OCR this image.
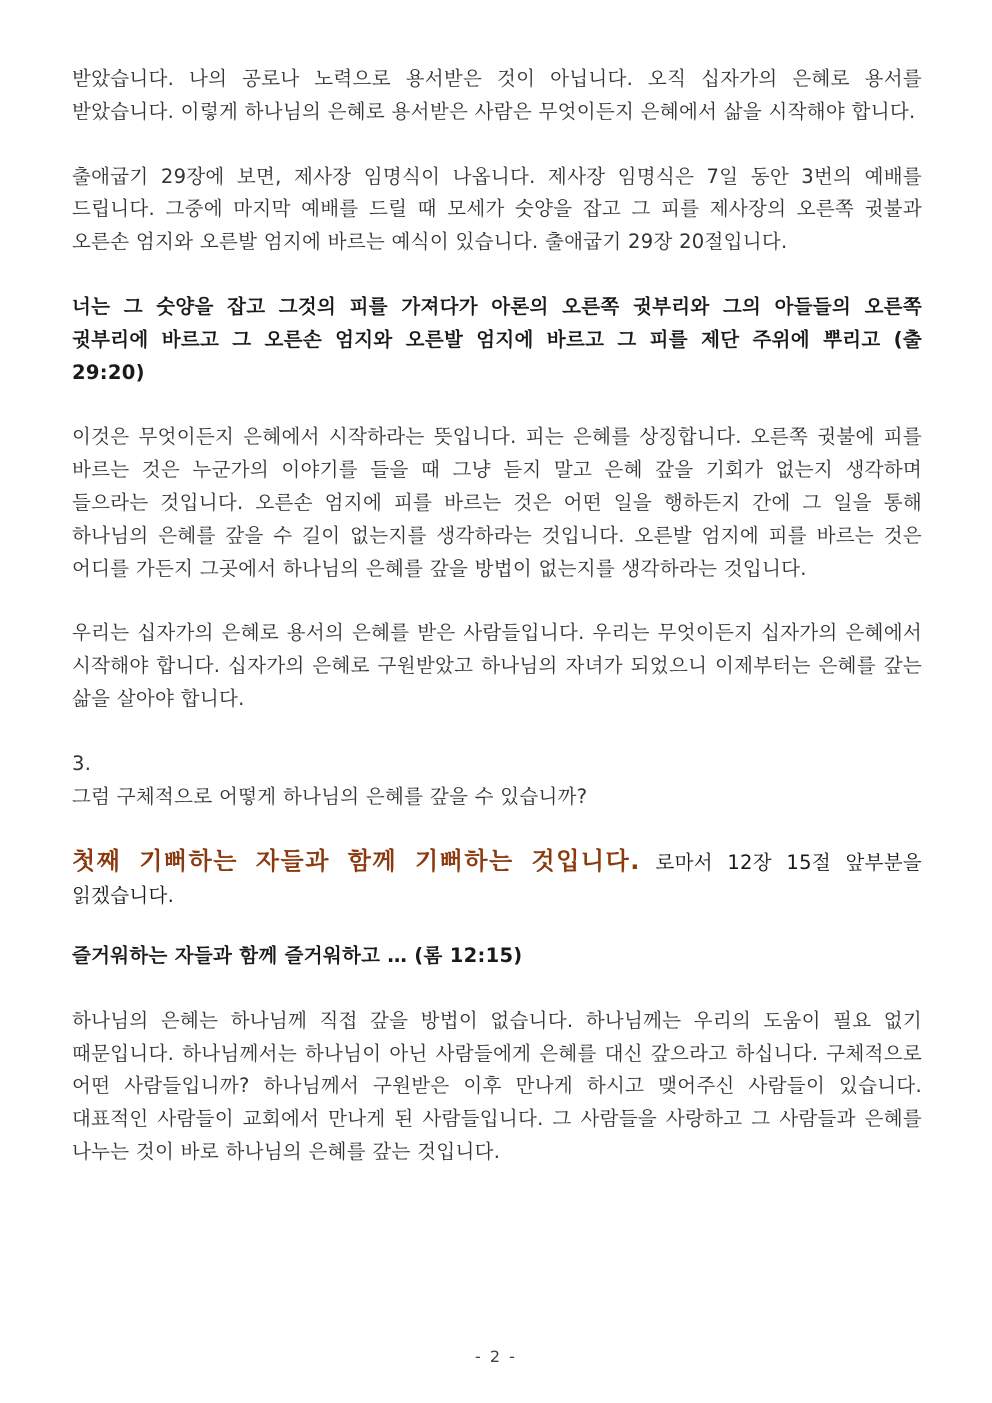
받았습니다. 나의 공로나 노력으로 용서받은 것이 아닙니다. 오직 십자가의 은혜로 용서를 받았습니다. 이렇게 하나님의 은혜로 용서받은 사람은 무엇이든지 은혜에서 삶을 시작해야 합니다.

출애굽기 29장에 보면, 제사장 임명식이 나옵니다. 제사장 임명식은 7일 동안 3번의 예배를 드립니다. 그중에 마지막 예배를 드릴 때 모세가 숫양을 잡고 그 피를 제사장의 오른쪽 귓불과 오른손 엄지와 오른발 엄지에 바르는 예식이 있습니다. 출애굽기 29장 20절입니다.

너는 그 숫양을 잡고 그것의 피를 가져다가 아론의 오른쪽 귓부리와 그의 아들들의 오른쪽 귓부리에 바르고 그 오른손 엄지와 오른발 엄지에 바르고 그 피를 제단 주위에 뿌리고 (출 29:20)

이것은 무엇이든지 은혜에서 시작하라는 뜻입니다. 피는 은혜를 상징합니다. 오른쪽 귓불에 피를 바르는 것은 누군가의 이야기를 들을 때 그냥 듣지 말고 은혜 갚을 기회가 없는지 생각하며 들으라는 것입니다. 오른손 엄지에 피를 바르는 것은 어떤 일을 행하든지 간에 그 일을 통해 하나님의 은혜를 갚을 수 길이 없는지를 생각하라는 것입니다. 오른발 엄지에 피를 바르는 것은 어디를 가든지 그곳에서 하나님의 은혜를 갚을 방법이 없는지를 생각하라는 것입니다.

우리는 십자가의 은혜로 용서의 은혜를 받은 사람들입니다. 우리는 무엇이든지 십자가의 은혜에서 시작해야 합니다. 십자가의 은혜로 구원받았고 하나님의 자녀가 되었으니 이제부터는 은혜를 갚는 삶을 살아야 합니다.

3.

그럼 구체적으로 어떻게 하나님의 은혜를 갚을 수 있습니까?

첫째 기뻐하는 자들과 함께 기뻐하는 것입니다. 로마서 12장 15절 앞부분을 읽겠습니다.

즐거워하는 자들과 함께 즐거워하고 … (롬 12:15)

하나님의 은혜는 하나님께 직접 갚을 방법이 없습니다. 하나님께는 우리의 도움이 필요 없기 때문입니다. 하나님께서는 하나님이 아닌 사람들에게 은혜를 대신 갚으라고 하십니다. 구체적으로 어떤 사람들입니까? 하나님께서 구원받은 이후 만나게 하시고 맺어주신 사람들이 있습니다. 대표적인 사람들이 교회에서 만나게 된 사람들입니다. 그 사람들을 사랑하고 그 사람들과 은혜를 나누는 것이 바로 하나님의 은혜를 갚는 것입니다.

- 2 -
